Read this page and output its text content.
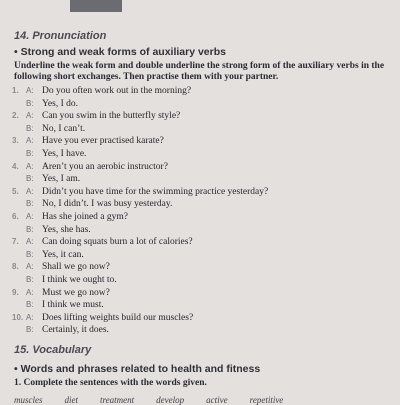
14. Pronunciation
• Strong and weak forms of auxiliary verbs
Underline the weak form and double underline the strong form of the auxiliary verbs in the following short exchanges. Then practise them with your partner.
1. A: Do you often work out in the morning?
B: Yes, I do.
2. A: Can you swim in the butterfly style?
B: No, I can’t.
3. A: Have you ever practised karate?
B: Yes, I have.
4. A: Aren’t you an aerobic instructor?
B: Yes, I am.
5. A: Didn’t you have time for the swimming practice yesterday?
B: No, I didn’t. I was busy yesterday.
6. A: Has she joined a gym?
B: Yes, she has.
7. A: Can doing squats burn a lot of calories?
B: Yes, it can.
8. A: Shall we go now?
B: I think we ought to.
9. A: Must we go now?
B: I think we must.
10. A: Does lifting weights build our muscles?
B: Certainly, it does.
15. Vocabulary
• Words and phrases related to health and fitness
1. Complete the sentences with the words given.
muscles diet treatment develop active repetitive
